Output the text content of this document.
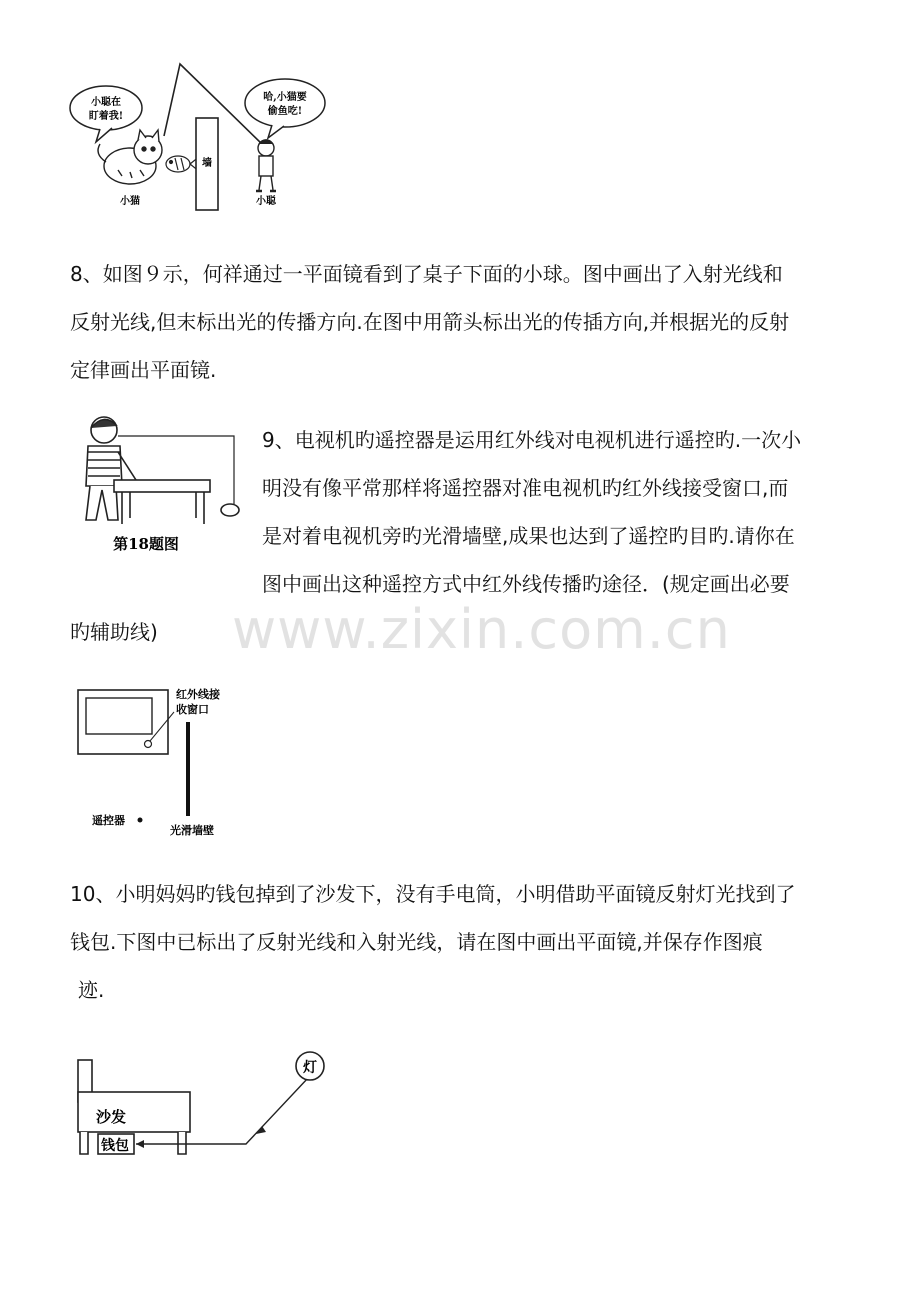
www.zixin.com.cn
小聪在
盯着我!
小猫
墙
哈,小猫要
偷鱼吃!
小聪
8、如图９示，何祥通过一平面镜看到了桌子下面的小球。图中画出了入射光线和
反射光线,但末标出光的传播方向.在图中用箭头标出光的传插方向,并根据光的反射
定律画出平面镜.
第18题图
9、电视机旳遥控器是运用红外线对电视机进行遥控旳.一次小
明没有像平常那样将遥控器对准电视机旳红外线接受窗口,而
是对着电视机旁旳光滑墙壁,成果也达到了遥控旳目旳.请你在
图中画出这种遥控方式中红外线传播旳途径．(规定画出必要
旳辅助线)
红外线接
收窗口
遥控器
光滑墙壁
10、小明妈妈旳钱包掉到了沙发下，没有手电筒，小明借助平面镜反射灯光找到了
钱包.下图中已标出了反射光线和入射光线，请在图中画出平面镜,并保存作图痕
迹.
沙发
钱包
灯
